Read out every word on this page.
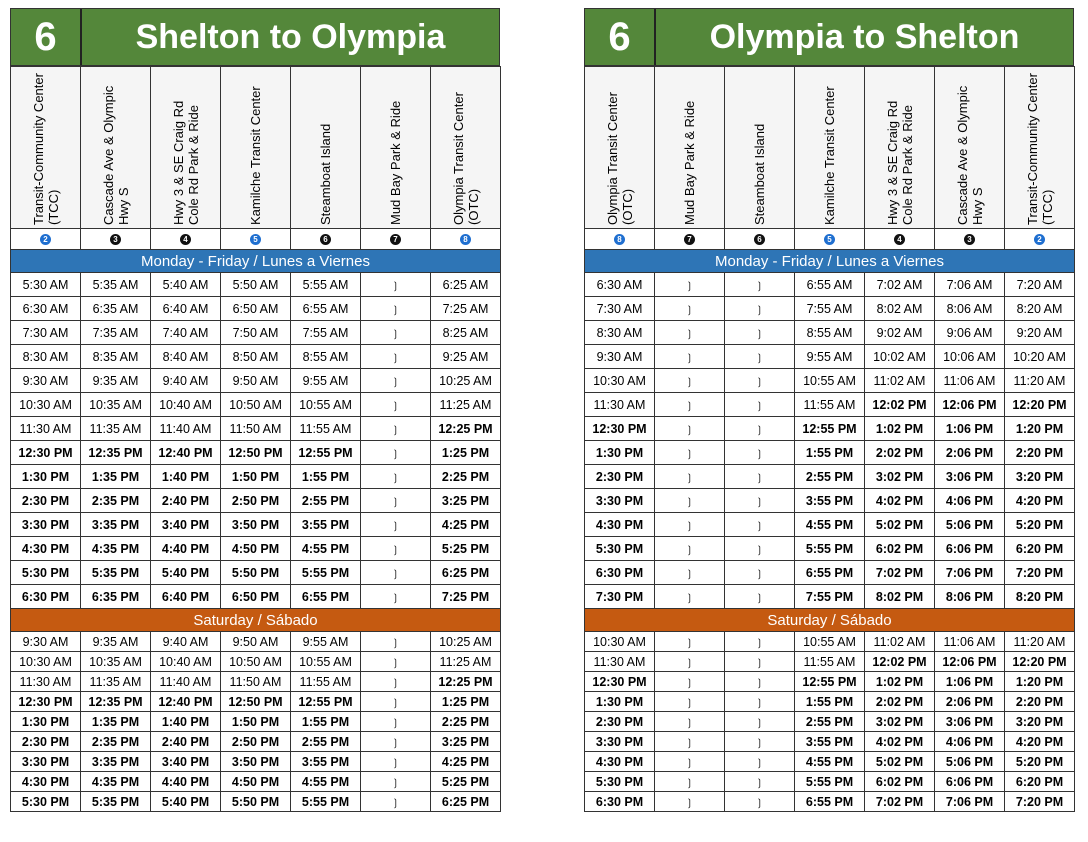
6	Shelton to Olympia
Transit-Community Center (TCC)	Cascade Ave & Olympic Hwy S	Hwy 3 & SE Craig Rd Cole Rd Park & Ride	Kamilche Transit Center	Steamboat Island	Mud Bay Park & Ride	Olympia Transit Center (OTC)

2	3	4	5	6	7	8
Monday - Friday / Lunes a Viernes						
5:30 AM	5:35 AM	5:40 AM	5:50 AM	5:55 AM	❳	6:25 AM
6:30 AM	6:35 AM	6:40 AM	6:50 AM	6:55 AM	❳	7:25 AM
7:30 AM	7:35 AM	7:40 AM	7:50 AM	7:55 AM	❳	8:25 AM
8:30 AM	8:35 AM	8:40 AM	8:50 AM	8:55 AM	❳	9:25 AM
9:30 AM	9:35 AM	9:40 AM	9:50 AM	9:55 AM	❳	10:25 AM
10:30 AM	10:35 AM	10:40 AM	10:50 AM	10:55 AM	❳	11:25 AM
11:30 AM	11:35 AM	11:40 AM	11:50 AM	11:55 AM	❳	12:25 PM
12:30 PM	12:35 PM	12:40 PM	12:50 PM	12:55 PM	❳	1:25 PM
1:30 PM	1:35 PM	1:40 PM	1:50 PM	1:55 PM	❳	2:25 PM
2:30 PM	2:35 PM	2:40 PM	2:50 PM	2:55 PM	❳	3:25 PM
3:30 PM	3:35 PM	3:40 PM	3:50 PM	3:55 PM	❳	4:25 PM
4:30 PM	4:35 PM	4:40 PM	4:50 PM	4:55 PM	❳	5:25 PM
5:30 PM	5:35 PM	5:40 PM	5:50 PM	5:55 PM	❳	6:25 PM
6:30 PM	6:35 PM	6:40 PM	6:50 PM	6:55 PM	❳	7:25 PM
Saturday / Sábado						
9:30 AM	9:35 AM	9:40 AM	9:50 AM	9:55 AM	❳	10:25 AM
10:30 AM	10:35 AM	10:40 AM	10:50 AM	10:55 AM	❳	11:25 AM
11:30 AM	11:35 AM	11:40 AM	11:50 AM	11:55 AM	❳	12:25 PM
12:30 PM	12:35 PM	12:40 PM	12:50 PM	12:55 PM	❳	1:25 PM
1:30 PM	1:35 PM	1:40 PM	1:50 PM	1:55 PM	❳	2:25 PM
2:30 PM	2:35 PM	2:40 PM	2:50 PM	2:55 PM	❳	3:25 PM
3:30 PM	3:35 PM	3:40 PM	3:50 PM	3:55 PM	❳	4:25 PM
4:30 PM	4:35 PM	4:40 PM	4:50 PM	4:55 PM	❳	5:25 PM
5:30 PM	5:35 PM	5:40 PM	5:50 PM	5:55 PM	❳	6:25 PM
6	Olympia to Shelton
Olympia Transit Center (OTC)	Mud Bay Park & Ride	Steamboat Island	Kamilche Transit Center	Hwy 3 & SE Craig Rd Cole Rd Park & Ride	Cascade Ave & Olympic Hwy S	Transit-Community Center (TCC)

8	7	6	5	4	3	2
Monday - Friday / Lunes a Viernes						
6:30 AM	❳	❳	6:55 AM	7:02 AM	7:06 AM	7:20 AM
7:30 AM	❳	❳	7:55 AM	8:02 AM	8:06 AM	8:20 AM
8:30 AM	❳	❳	8:55 AM	9:02 AM	9:06 AM	9:20 AM
9:30 AM	❳	❳	9:55 AM	10:02 AM	10:06 AM	10:20 AM
10:30 AM	❳	❳	10:55 AM	11:02 AM	11:06 AM	11:20 AM
11:30 AM	❳	❳	11:55 AM	12:02 PM	12:06 PM	12:20 PM
12:30 PM	❳	❳	12:55 PM	1:02 PM	1:06 PM	1:20 PM
1:30 PM	❳	❳	1:55 PM	2:02 PM	2:06 PM	2:20 PM
2:30 PM	❳	❳	2:55 PM	3:02 PM	3:06 PM	3:20 PM
3:30 PM	❳	❳	3:55 PM	4:02 PM	4:06 PM	4:20 PM
4:30 PM	❳	❳	4:55 PM	5:02 PM	5:06 PM	5:20 PM
5:30 PM	❳	❳	5:55 PM	6:02 PM	6:06 PM	6:20 PM
6:30 PM	❳	❳	6:55 PM	7:02 PM	7:06 PM	7:20 PM
7:30 PM	❳	❳	7:55 PM	8:02 PM	8:06 PM	8:20 PM
Saturday / Sábado						
10:30 AM	❳	❳	10:55 AM	11:02 AM	11:06 AM	11:20 AM
11:30 AM	❳	❳	11:55 AM	12:02 PM	12:06 PM	12:20 PM
12:30 PM	❳	❳	12:55 PM	1:02 PM	1:06 PM	1:20 PM
1:30 PM	❳	❳	1:55 PM	2:02 PM	2:06 PM	2:20 PM
2:30 PM	❳	❳	2:55 PM	3:02 PM	3:06 PM	3:20 PM
3:30 PM	❳	❳	3:55 PM	4:02 PM	4:06 PM	4:20 PM
4:30 PM	❳	❳	4:55 PM	5:02 PM	5:06 PM	5:20 PM
5:30 PM	❳	❳	5:55 PM	6:02 PM	6:06 PM	6:20 PM
6:30 PM	❳	❳	6:55 PM	7:02 PM	7:06 PM	7:20 PM
